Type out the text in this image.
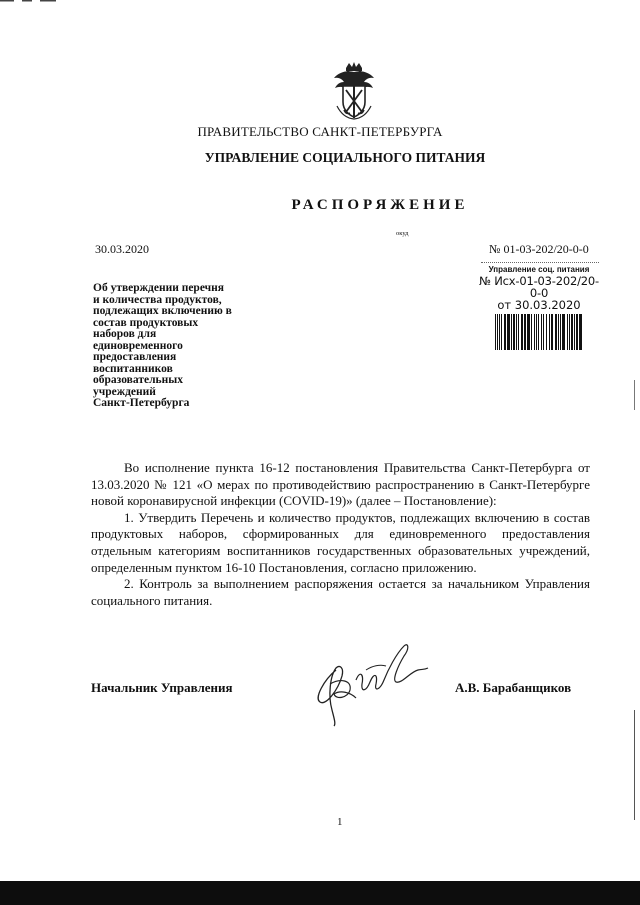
ПРАВИТЕЛЬСТВО САНКТ-ПЕТЕРБУРГА
УПРАВЛЕНИЕ СОЦИАЛЬНОГО ПИТАНИЯ
РАСПОРЯЖЕНИЕ
окуд
30.03.2020	№ 01-03-202/20-0-0
Управление соц. питания
№ Исх-01-03-202/20-0-0
от 30.03.2020
Об утверждении перечня
и количества продуктов,
подлежащих включению в
состав продуктовых
наборов для
единовременного
предоставления
воспитанников
образовательных
учреждений
Санкт-Петербурга

Во исполнение пункта 16-12 постановления Правительства Санкт-Петербурга от 13.03.2020 № 121 «О мерах по противодействию распространению в Санкт-Петербурге новой коронавирусной инфекции (COVID-19)» (далее – Постановление):

1. Утвердить Перечень и количество продуктов, подлежащих включению в состав продуктовых наборов, сформированных для единовременного предоставления отдельным категориям воспитанников государственных образовательных учреждений, определенным пунктом 16-10 Постановления, согласно приложению.

2. Контроль за выполнением распоряжения остается за начальником Управления социального питания.

Начальник Управления	А.В. Барабанщиков
1
